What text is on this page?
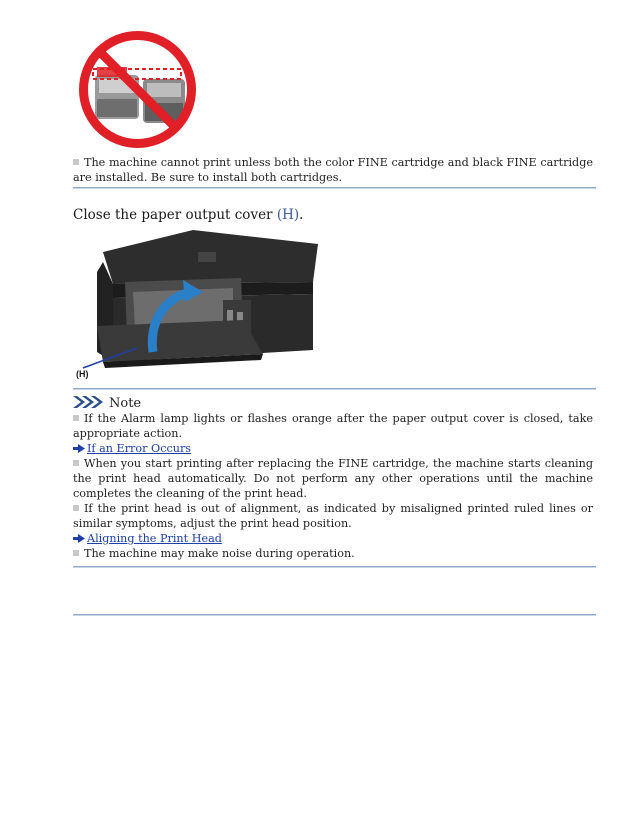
The machine cannot print unless both the color FINE cartridge and black FINE cartridge are installed. Be sure to install both cartridges.
Close the paper output cover (H).
(H)
Note
If the Alarm lamp lights or flashes orange after the paper output cover is closed, take appropriate action.
If an Error Occurs
When you start printing after replacing the FINE cartridge, the machine starts cleaning the print head automatically. Do not perform any other operations until the machine completes the cleaning of the print head.
If the print head is out of alignment, as indicated by misaligned printed ruled lines or similar symptoms, adjust the print head position.
Aligning the Print Head
The machine may make noise during operation.
